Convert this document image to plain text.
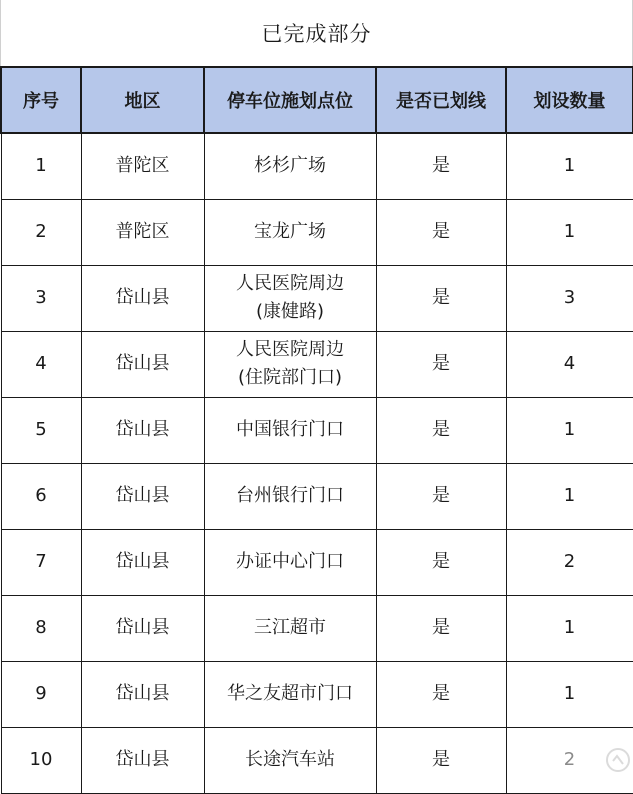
已完成部分
序号	地区	停车位施划点位	是否已划线	划设数量
1	普陀区	杉杉广场	是	1
2	普陀区	宝龙广场	是	1
3	岱山县	人民医院周边
(康健路)	是	3
4	岱山县	人民医院周边
(住院部门口)	是	4
5	岱山县	中国银行门口	是	1
6	岱山县	台州银行门口	是	1
7	岱山县	办证中心门口	是	2
8	岱山县	三江超市	是	1
9	岱山县	华之友超市门口	是	1
10	岱山县	长途汽车站	是	2
